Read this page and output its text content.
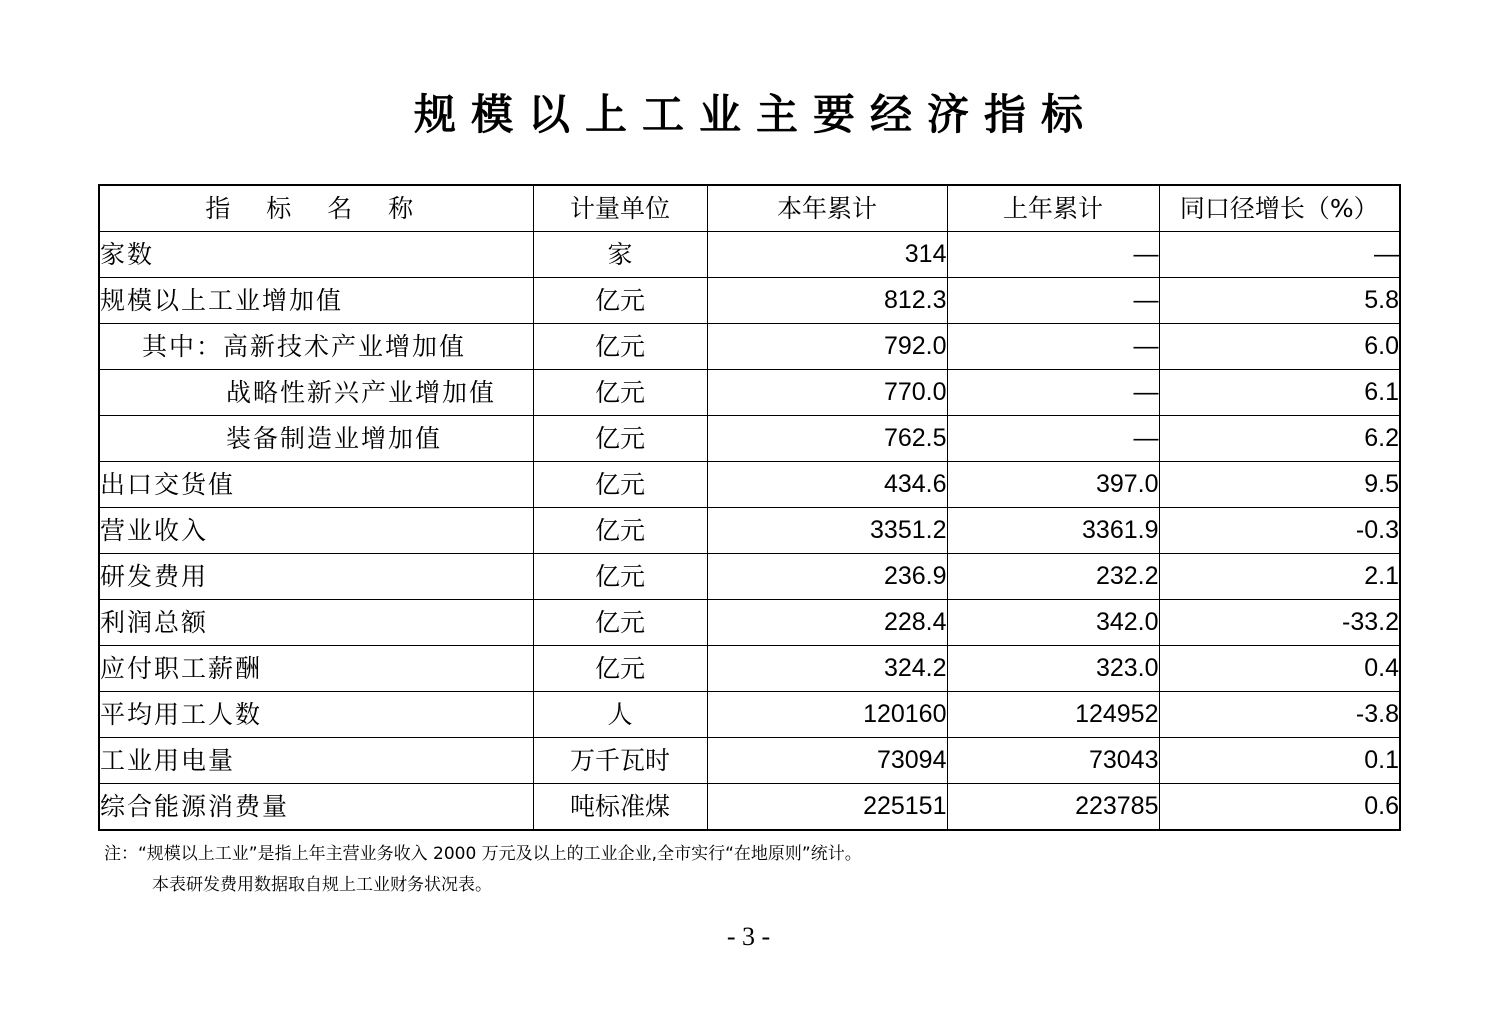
规模以上工业主要经济指标
指 标 名 称	计量单位	本年累计	上年累计	同口径增长（%）
家数	家	314	—	—
规模以上工业增加值	亿元	812.3	—	5.8
其中：高新技术产业增加值	亿元	792.0	—	6.0
战略性新兴产业增加值	亿元	770.0	—	6.1
装备制造业增加值	亿元	762.5	—	6.2
出口交货值	亿元	434.6	397.0	9.5
营业收入	亿元	3351.2	3361.9	-0.3
研发费用	亿元	236.9	232.2	2.1
利润总额	亿元	228.4	342.0	-33.2
应付职工薪酬	亿元	324.2	323.0	0.4
平均用工人数	人	120160	124952	-3.8
工业用电量	万千瓦时	73094	73043	0.1
综合能源消费量	吨标准煤	225151	223785	0.6
注：“规模以上工业”是指上年主营业务收入 2000 万元及以上的工业企业,全市实行“在地原则”统计。
本表研发费用数据取自规上工业财务状况表。
- 3 -
